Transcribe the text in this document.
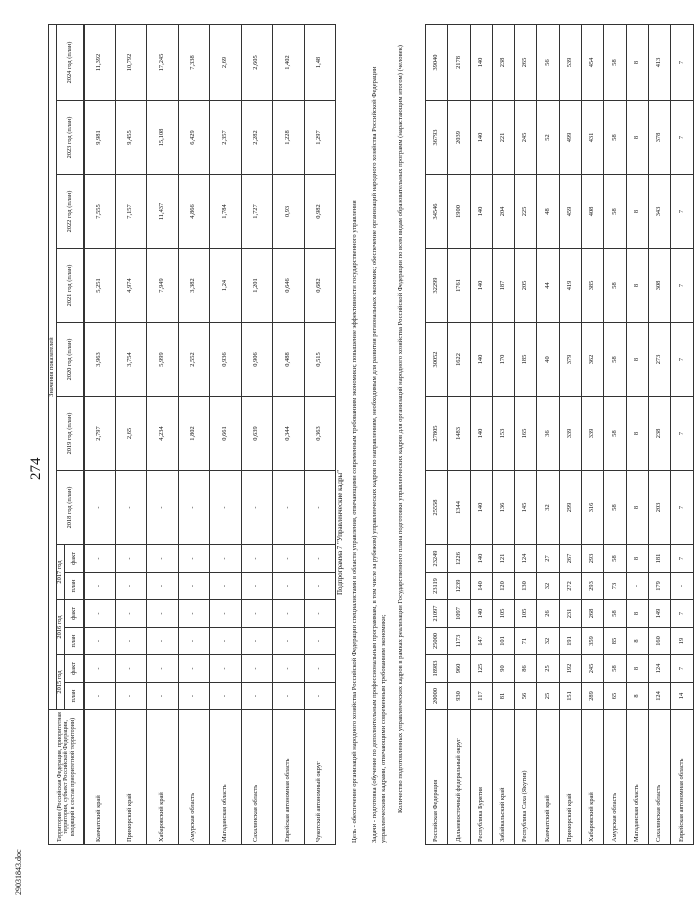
274
Территория (Российская Федерация, приоритетная территория, субъект Российской Федерации, входящий в состав приоритетной территории)	Значения показателей												
	2015 год		2016 год		2017 год		2018 год (план)	2019 год (план)	2020 год (план)	2021 год (план)	2022 год (план)	2023 год (план)	2024 год (план)
	план	факт	план	факт	план	факт							
Камчатский край	-	-	-	-	-	-	-	2,797	3,963	5,251	7,555	9,981	11,392
Приморский край	-	-	-	-	-	-	-	2,65	3,754	4,974	7,157	9,455	10,792
Хабаровский край	-	-	-	-	-	-	-	4,234	5,999	7,949	11,437	15,108	17,245
Амурская область	-	-	-	-	-	-	-	1,802	2,552	3,382	4,866	6,429	7,338
Магаданская область	-	-	-	-	-	-	-	0,661	0,936	1,24	1,784	2,357	2,69
Сахалинская область	-	-	-	-	-	-	-	0,639	0,906	1,201	1,727	2,282	2,605
Еврейская автономная область	-	-	-	-	-	-	-	0,344	0,488	0,646	0,93	1,228	1,402
Чукотский автономный округ	-	-	-	-	-	-	-	0,363	0,515	0,682	0,982	1,297	1,48
Подпрограмма 7 "Управленческие кадры" Цель - обеспечение организаций народного хозяйства Российской Федерации специалистами в области управления, отвечающими современным требованиям экономики; повышение эффективности государственного управления Задачи - подготовка (обучение по дополнительным профессиональным программам, в том числе за рубежом) управленческих кадров по направлениям, необходимым для развития региональных экономик; обеспечение организаций народного хозяйства Российской Федерации управленческими кадрами, отвечающими современным требованиям экономики; Количество подготовленных управленческих кадров в рамках реализации Государственного плана подготовки управленческих кадров для организаций народного хозяйства Российской Федерации по всем видам образовательных программ (нарастающим итогом) (человек)	Российская Федерация	20000	18983	25000	21097	23119	23249	25558	27805	30052	32299	34546	36793	39040
Дальневосточный федеральный округ	930	960	1173	1097	1239	1226	1344	1483	1622	1761	1900	2039	2178
Республика Бурятия	117	125	147	140	140	140	140	140	140	140	140	140	140
Забайкальский край	81	90	101	105	120	121	136	153	170	187	204	221	238
Республика Саха (Якутия)	56	86	71	105	130	124	145	165	185	205	225	245	265
Камчатский край	25	25	32	26	32	27	32	36	40	44	48	52	56
Приморский край	151	192	191	231	272	267	299	339	379	419	459	499	539
Хабаровский край	289	245	359	268	293	293	316	339	362	385	408	431	454
Амурская область	65	58	85	58	73	58	58	58	58	58	58	58	58
Магаданская область	8	8	8	8	-	8	8	8	8	8	8	8	8
Сахалинская область	124	124	160	149	179	181	203	238	273	308	343	378	413
Еврейская автономная область	14	7	19	7	-	7	7	7	7	7	7	7	7
29031843.doc
